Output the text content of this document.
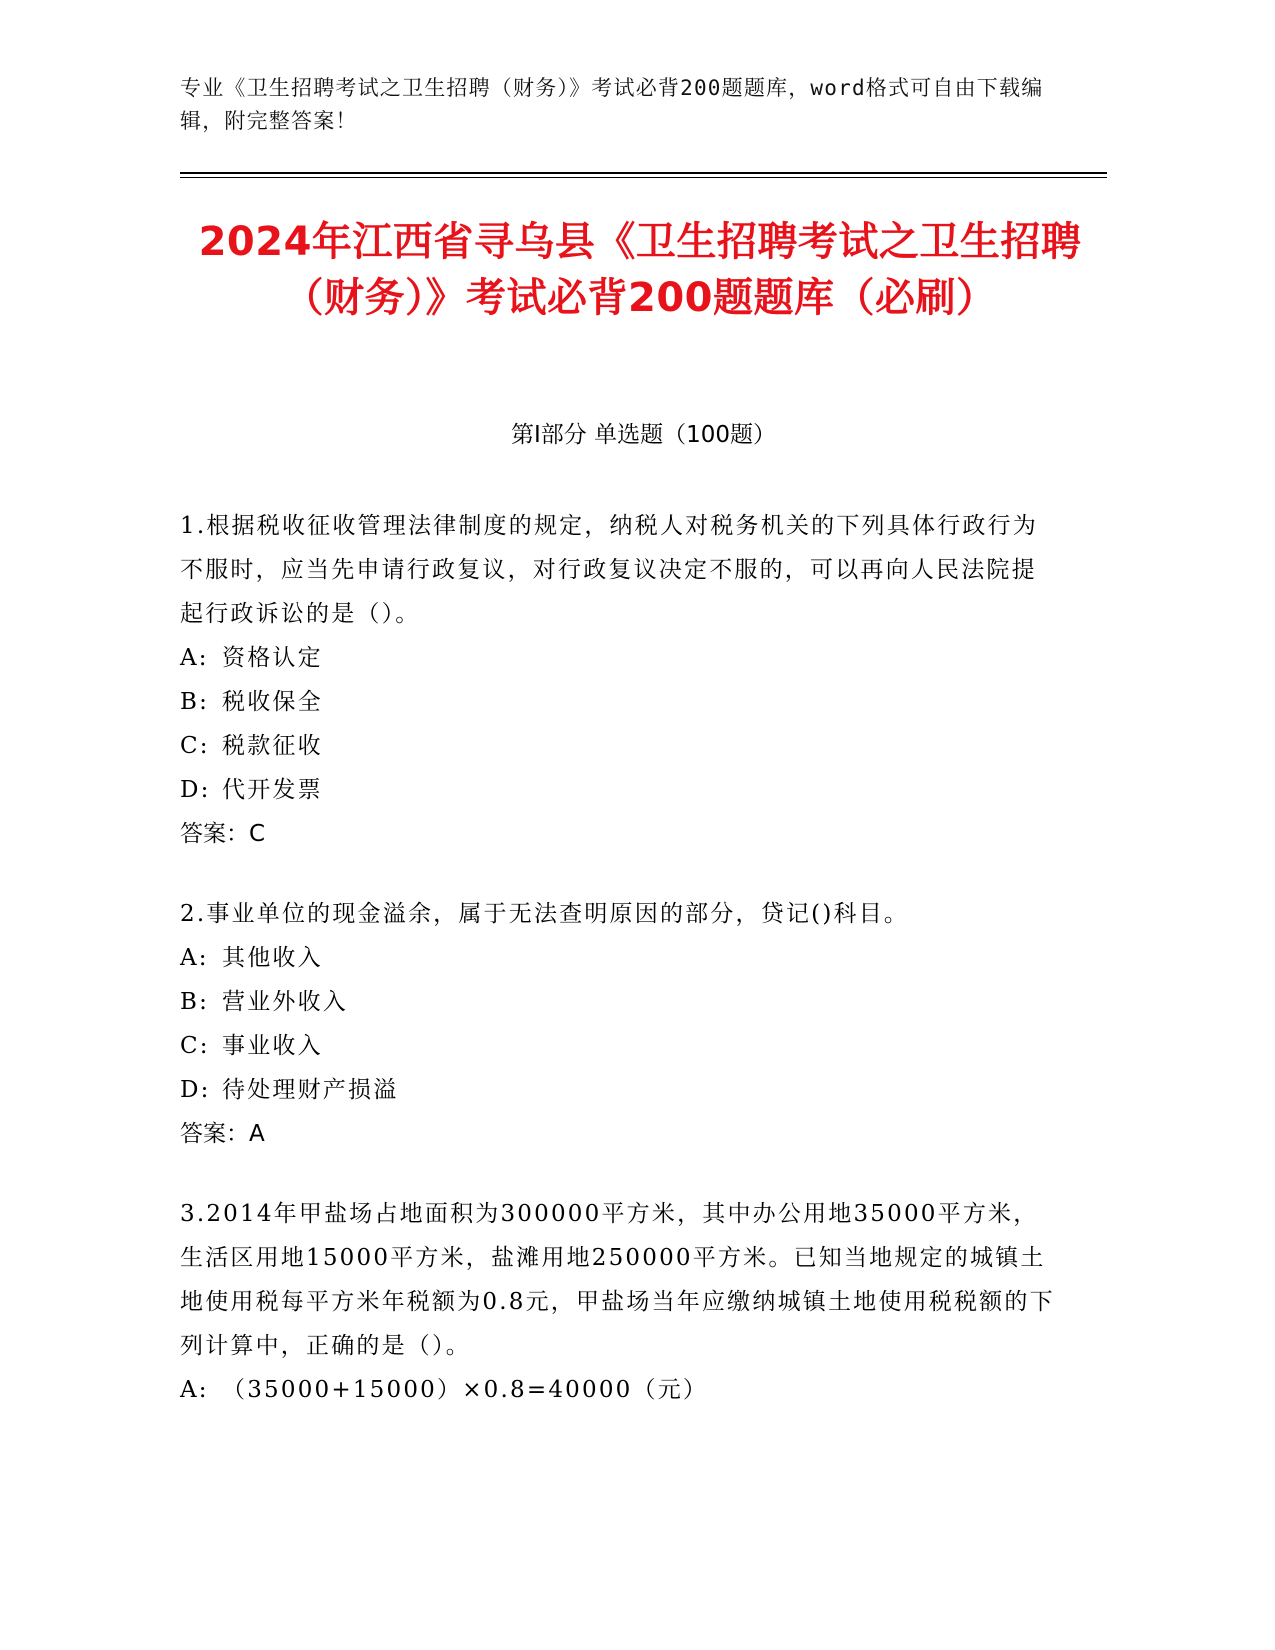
专业《卫生招聘考试之卫生招聘（财务）》考试必背200题题库，word格式可自由下载编辑，附完整答案！
2024年江西省寻乌县《卫生招聘考试之卫生招聘（财务）》考试必背200题题库（必刷）
第I部分 单选题（100题）

1.根据税收征收管理法律制度的规定，纳税人对税务机关的下列具体行政行为不服时，应当先申请行政复议，对行政复议决定不服的，可以再向人民法院提起行政诉讼的是（）。

A: 资格认定

B: 税收保全

C: 税款征收

D: 代开发票

答案：C

2.事业单位的现金溢余，属于无法查明原因的部分，贷记()科目。

A: 其他收入

B: 营业外收入

C: 事业收入

D: 待处理财产损溢

答案：A

3.2014年甲盐场占地面积为300000平方米，其中办公用地35000平方米，生活区用地15000平方米，盐滩用地250000平方米。已知当地规定的城镇土地使用税每平方米年税额为0.8元，甲盐场当年应缴纳城镇土地使用税税额的下列计算中，正确的是（）。

A: （35000+15000）×0.8=40000（元）
